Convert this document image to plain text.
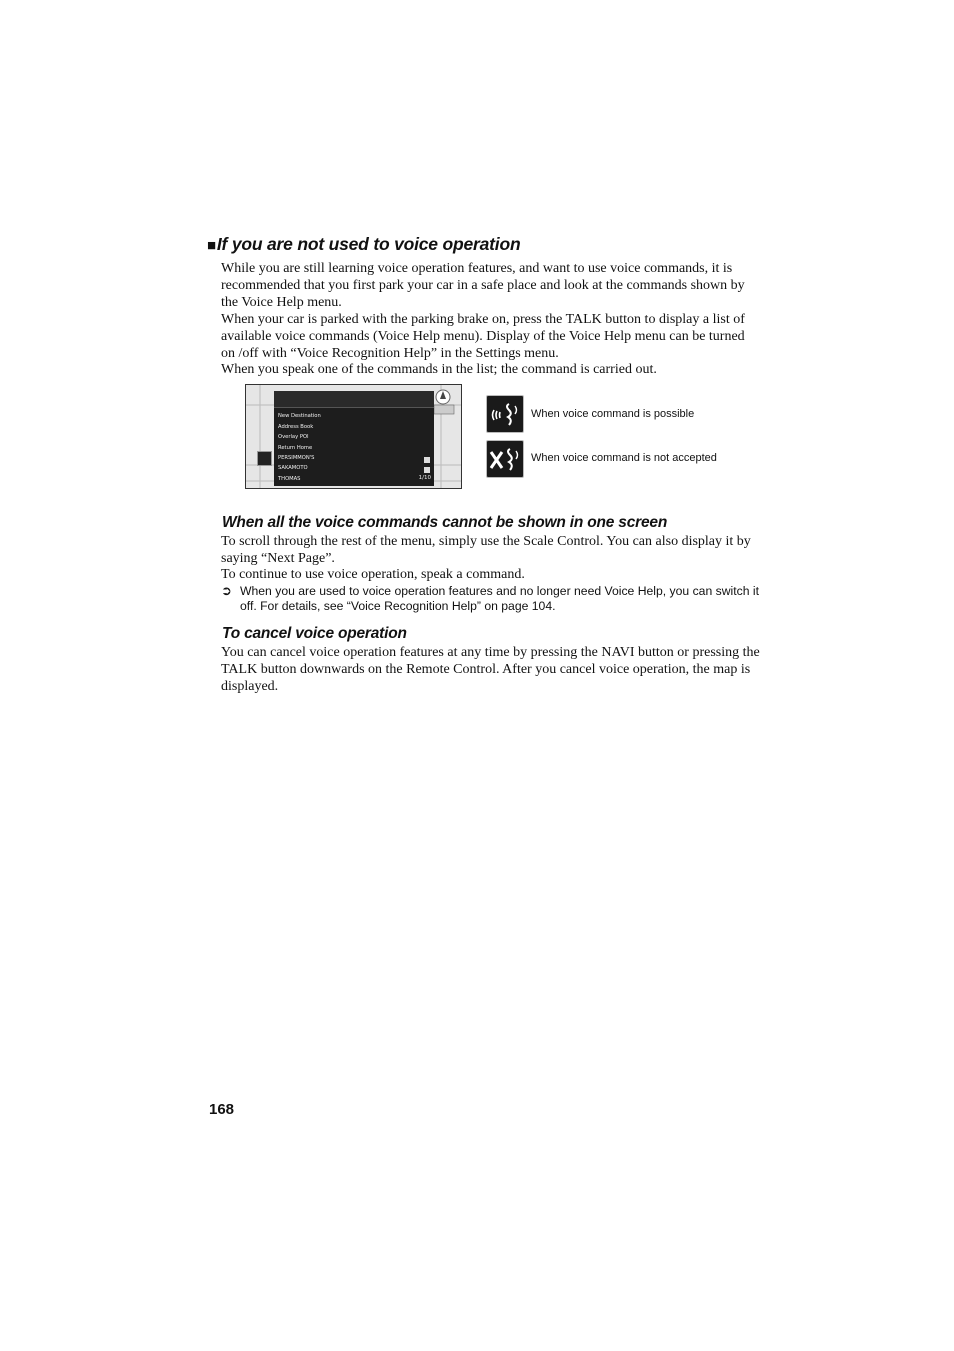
■If you are not used to voice operation

While you are still learning voice operation features, and want to use voice commands, it is recommended that you first park your car in a safe place and look at the commands shown by the Voice Help menu.

When your car is parked with the parking brake on, press the TALK button to display a list of available voice commands (Voice Help menu). Display of the Voice Help menu can be turned on /off with “Voice Recognition Help” in the Settings menu.

When you speak one of the commands in the list; the command is carried out.

New Destination
Address Book
Overlay POI
Return Home
PERSIMMON'S
SAKAMOTO
THOMAS	1/10
When voice command is possible
When voice command is not accepted
When all the voice commands cannot be shown in one screen

To scroll through the rest of the menu, simply use the Scale Control. You can also display it by saying “Next Page”.

To continue to use voice operation, speak a command.

➲ When you are used to voice operation features and no longer need Voice Help, you can switch it off. For details, see “Voice Recognition Help” on page 104.
To cancel voice operation

You can cancel voice operation features at any time by pressing the NAVI button or pressing the TALK button downwards on the Remote Control. After you cancel voice operation, the map is displayed.

168
